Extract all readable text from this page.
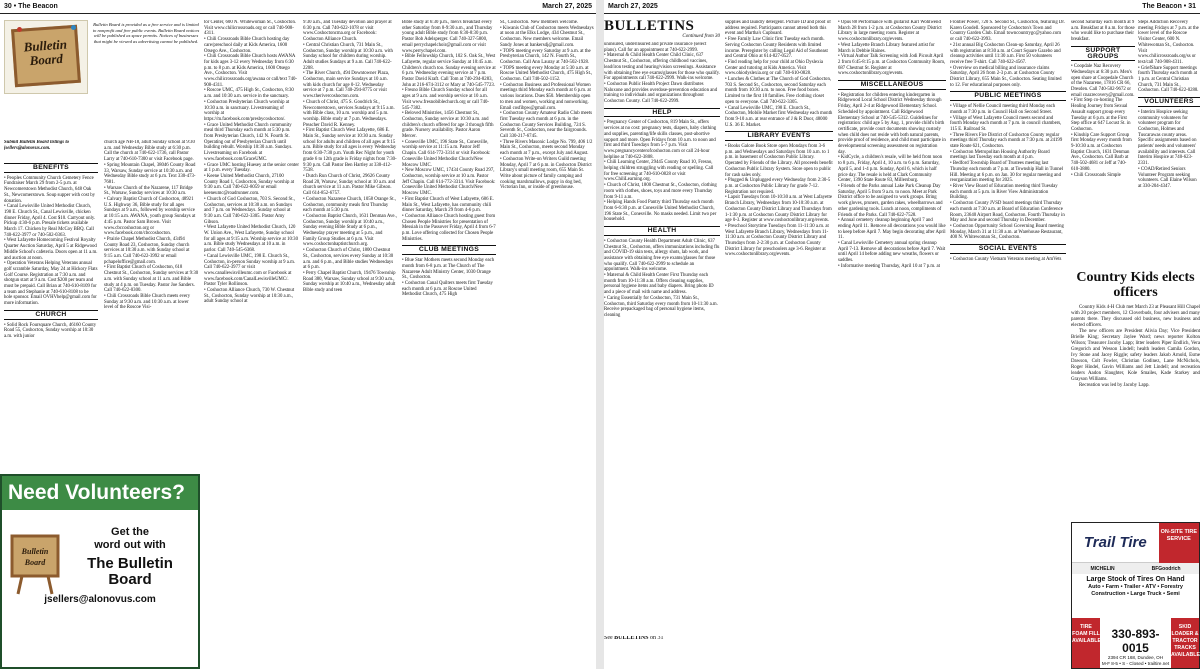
30 • The Beacon	March 27, 2025
Bulletin Board
Bulletin Board is provided as a free service and is limited to nonprofit and free public events. Bulletin Board notices will be published as space permits. Notices of businesses that might be viewed as advertising cannot be published.
Submit Bulletin Board listings to jsellers@alonovus.com.
BENEFITS

• Peoples Community Church Cemetery Fence Fundraiser March 29 from 2-5 p.m. at Newcomerstown Methodist Church, 648 Oak St., Newcomerstown. Soup supper with cost by donation.
• Canal Lewisville United Methodist Church, 198 E. Church St., Canal Lewisville, chicken dinner Friday, April 4. Cost $10. Carryout only. Pickup 4:30-6 p.m. Presale tickets available March 17. Chicken by Real McCoy BBQ. Call 740-622-3977 or 740-502-0363.
• West Lafayette Homecoming Festival Royalty Quarter Auction Saturday, April 5 at Ridgewood Middle School's cafeteria. Doors open at 11 a.m. and auction at noon.
• Operation Veterans Helping Veterans annual golf scramble Saturday, May 24 at Hickory Flats Golf Course. Registration at 7:30 a.m. and shotgun start at 9 a.m. Cost $200 per team and must be prepaid. Call Brian at 740-610-8109 for a team and Stephanie at 740-610-8108 to be hole sponsor. Email OVHVhelp@gmail.com for more information.

CHURCH

• Solid Rock Foursquare Church, 46160 County Road 55, Coshocton, Sunday worship at 10:30 a.m. with junior

church age NB-18, adult Sunday school at 9:30 a.m. and Wednesday Bible study at 6:30 p.m. Call the church at 740-622-1736, call Pastor Larry at 740-610-7300 or visit Facebook page.
• Spring Mountain Chapel, 38046 County Road 33, Warsaw, Sunday service at 10:30 a.m. and Wednesday Bible study at 6 p.m. Text 330-473-7681.
• Warsaw Church of the Nazarene, 117 Bridge St., Warsaw, Sunday services at 10:30 a.m.
• Calvary Baptist Church of Coshocton, 48921 U.S. Highway 36, Bible study for all ages Sundays at 9 a.m., followed by worship service at 10:15 a.m. AWANA, youth group Sundays at 4:45 p.m. Pastor Sam Brown. Visit www.cbccoshocton.org or www.facebook.com/cbccoshocton.
• Prairie Chapel Methodist Church, 43494 County Road 23, Coshocton, Sunday church services at 10:30 a.m. with Sunday school at 9:15 a.m. Call 740-622-3992 or email pchapeloffice@gmail.com.
• First Baptist Church of Coshocton, 618 Chestnut St., Coshocton, Sunday services at 9:30 a.m. with Sunday school at 11 a.m. and Bible study at 4 p.m. on Tuesday. Pastor Joe Sanders. Call 740-622-0300.
• Chili Crossroads Bible Church meets every Sunday at 9:30 a.m. and 10:30 a.m. at lower level of the Roscoe Visi-
tor Center, 600 N. Whitewoman St., Coshocton. Visit www.chilicrossroads.org or call 740-908-4311.
• Chili Crossroads Bible Church hosting day care/preschool daily at Kids America, 1600 Otsego Ave., Coshocton.
• Chili Crossroads Bible Church hosts AWANA for kids ages 3-12 every Wednesday from 6:30 p.m. to 8 p.m. at Kids America, 1600 Otsego Ave., Coshocton. Visit www.chilicrossroads.org/awana or call/text 740-908-4311.
• Roscoe UMC, 475 High St., Coshocton, 8:30 a.m. and 10:30 a.m. service in the sanctuary.
• Coshocton Presbyterian Church worship at 10:30 a.m. in sanctuary. Livestreaming of worship at https://m.facebook.com/presbycoshocton/.
• Grace United Methodist Church community meal third Thursday each month at 5:30 p.m. from Presbyterian Church, 142 N. Fourth St. Operating out of Presbyterian Church until building rebuilt. Worship 10:30 a.m. Sundays. Livestreaming on Facebook at www.facebook.com/GraceUMC.
• Grace UMC hosting Huesey at the senior center at 1 p.m. every Tuesday.
• Keene United Methodist Church, 27100 County Road 1, Coshocton, Sunday worship at 9:30 a.m. Call 740-622-8059 or email keeneumc@roadrunner.com.
• Church of God Coshocton, 703 S. Second St., Coshocton, services at 10:30 a.m. on Sundays and 7 p.m. on Wednesdays. Sunday school at 9:30 a.m. Call 740-622-3305. Pastor Amy Gibson.
• West Lafayette United Methodist Church, 120 W. Union Ave., West Lafayette, Sunday school for all ages at 9:15 a.m. Worship service at 10:30 a.m. Bible study Wednesdays at 10 a.m. in parlor. Call 740-545-6368.
• Canal Lewisville UMC, 198 E. Church St., Coshocton, in-person Sunday worship at 9 a.m. Call 740-622-3977 or visit www.canallewisvilleumc.com or Facebook at www.facebook.com/CanalLewisvilleUMC/. Pastor Tyler Rollinson.
• Coshocton Alliance Church, 730 W. Chestnut St., Coshocton, Sunday worship at 10:30 a.m., adult Sunday school at
9:30 a.m., and Tuesday devotion and prayer at 6:30 p.m. Call 740-622-1078 or visit www.Coshoctoncma.org or Facebook: Coshocton Alliance Church.
• Central Christian Church, 731 Main St., Coshocton, Sunday worship at 10:30 a.m. with Sunday school for children during worship. Adult studies Sundays at 9 a.m. Call 740-622-2208.
• The River Church, 494 Downtowner Plaza, Coshocton, main service Sundays at 10 a.m. with kids church for age 0-12. Wednesday service at 7 p.m. Call 740-294-8775 or visit www.therivercoshocton.com.
• Church of Christ, 475 S. Goodrich St., Newcomerstown, services Sundays at 9:15 a.m. with Bible class, 10 a.m. worship and 5 p.m. worship. Bible study at 7 p.m. Wednesdays. Preacher David R. Kenney.
• First Baptist Church West Lafayette, 686 E. Main St., Sunday service at 10:30 a.m. Sunday school for adults and children of all ages at 9:15 a.m. Bible study for all ages is every Wednesday from 6:30-7:30 p.m. Youth Rec Night for youth grade 6 to 12th grade is Friday nights from 7:30-9:30 p.m. Call Pastor Ben Hartley at 330-412-7538.
• Dutch Run Church of Christ, 29626 County Road 20, Warsaw, Sunday school at 10 a.m. and church service at 11 a.m. Pastor Mike Gibson. Call 614-852-6757.
• Coshocton Nazarene Church, 1058 Orange St., Coshocton, community meals first Thursday each month at 5:30 p.m.
• Coshocton Baptist Church, 1631 Denman Ave., Coshocton, Sunday worship at 10:40 a.m., Sunday evening Bible Study at 6 p.m., Wednesday prayer meeting at 5 p.m., and Family Group Studies at 6 p.m. Visit www.coshoctonbaptistchurch.org.
• Coshocton Church of Christ, 1800 Chestnut St., Coshocton, services every Sunday at 10:30 a.m. and 6 p.m., and Bible studies Wednesdays at 6 p.m.
• Perry Chapel Baptist Church, 19476 Township Road 380, Warsaw, Sunday school at 9:30 a.m., Sunday worship at 10:40 a.m., Wednesday adult Bible study and teen

Bible study at 6:30 p.m., men's breakfast every other Saturday from 8-9:30 a.m., and Thursday young adult Bible study from 6:30-8:30 p.m. Pastor Bob Adelsperger. Call 740-327-5800, email perrychapelchoir@gmail.com or visit www.perrychapel.com.
• Bible Fellowship Church, 102 S. Oak St., West Lafayette, regular service Sunday at 10:45 a.m. Children's church too. Sunday evening service at 6 p.m. Wednesday evening service at 7 p.m. Pastor David Kraft. Call Tom at 740-294-8283, John at 216-674-3112 or Mary at 740-545-7723.
• Fresno Bible Church Sunday school for all ages at 9 a.m. and worship service at 10 a.m. Visit www.fresnobiblechurch.org or call 740-545-7382.
• Beloved Ministries, 1456 Chestnut St., Coshocton, Sunday service at 10:30 a.m. and children's church offered for age 3 through fifth grade. Nursery availability. Pastor Aaron Mercer.
• Conesville UMC, 196 State St., Conesville, worship service at 11:15 a.m. Pastor Jeff Chapin. Call 614-772-3314 or visit Facebook: Conesville United Methodist Church/New Moscow UMC.
• New Moscow UMC, 17434 County Road 297, Coshocton, worship service at 10 a.m. Pastor Jeff Chapin. Call 614-772-3314. Visit Facebook: Conesville United Methodist Church/New Moscow UMC.
• First Baptist Church of West Lafayette, 686 E. Main St., West Lafayette, has community chili dinner Saturday, March 29 from 4-6 p.m.
• Coshocton Alliance Church hosting guest from Chosen People Ministries for presentation of Messiah in the Passover Friday, April 4 from 6-7 p.m. Love offering collected for Chosen People Ministries.

CLUB MEETINGS

• Blue Star Mothers meets second Monday each month from 6-8 p.m. at The Church of The Nazarene Adult Ministry Center, 1030 Orange St., Coshocton.
• Coshocton Canal Quilters meets first Tuesday each month at 6 p.m. at Roscoe United Methodist Church, 475 High

St., Coshocton. New members welcome.
• Kiwanis Club of Coshocton meets Wednesdays at noon at the Elks Lodge, 434 Chestnut St., Coshocton. New members welcome. Email Sandy Jones at bankersdj@gmail.com.
• TOPS meeting every Saturday at 9 a.m. at the Presbyterian Church, 142 N. Fourth St., Coshocton. Call Ann Lauray at 740-502-1928.
• TOPS meeting every Monday at 5:30 a.m. at Roscoe United Methodist Church, 475 High St., Coshocton. Call 740-502-1152.
• Coshocton Business and Professional Women meetings third Monday each month at 6 p.m. at various locations. Dues $50. Membership open to men and women, working and nonworking. Email cosfibpw@gmail.com.
• Coshocton County Amateur Radio Club meets first Tuesday each month at 6 p.m. in the Coshocton County Services Building, 724 S. Seventh St., Coshocton, near the fairgrounds. Call 330-217-6745.
• Three Rivers Masonic Lodge No. 799, 406 1/2 Main St., Coshocton, meets second Monday each month at 7 p.m., except July and August.
• Coshocton Write-on Writers Guild meeting Monday, April 7 at 6 p.m. in Coshocton District Library's small meeting room, 655 Main St. Write about picture of family camping and cooking marshmallows, puppy in dog bed, Victorian Inn, or inside of greenhouse.
Need Volunteers?
Bulletin
Board
Get the
word out with
The Bulletin
Board
jsellers@alonovus.com
March 27, 2025	The Beacon • 31
BULLETINS
Continued from 30

uninsured, underinsured and private insurance (select plans). Call for an appointment at 740-622-2999.
• Maternal & Child Health Center Child Clinic, 637 Chestnut St., Coshocton, offering childhood vaccines, lead/iron testing and hearing/vision screenings. Assistance with obtaining free eye exams/glasses for those who qualify. For appointments call 740-622-2999. Walk-ins welcome.
• Coshocton Public Health Project Dawn distributes Naloxone and provides overdose-prevention education and training to individuals and organizations throughout Coshocton County. Call 740-622-2999.

HELP

• Pregnancy Center of Coshocton, 819 Main St., offers services at no cost: pregnancy tests, diapers, baby clothing and supplies, parenting/life skills classes, post-abortive support and more. Open Fridays from 10 a.m. to noon and first and third Tuesdays from 5-7 p.m. Visit www.pregnancycenterofcoshocton.com or call 24-hour helpline at 740-622-3808.
• Chili Learning Center, 29445 County Road 10, Fresno, helping children struggling with reading or spelling. Call for free screening at 740-610-0828 or visit www.ChiliLearning.org.
• Church of Christ, 1800 Chestnut St., Coshocton, clothing room with clothes, shoes, toys and more every Thursday from 9-11 a.m.
• Helping Hands Food Pantry third Thursday each month from 6-6:30 p.m. at Conesville United Methodist Church, 196 State St., Conesville. No masks needed. Limit two per household.

HEALTH

• Coshocton County Health Department Adult Clinic, 637 Chestnut St., Coshocton, offers immunizations including flu and COVID-19 skin tests, allergy shots, lab work, and assistance with obtaining free eye exams/glasses for those who qualify. Call 740-622-2999 to schedule an appointment. Walk-ins welcome.
• Maternal & Child Health Center First Thursday each month from 10-11:30 a.m. Offers cleaning supplies, personal hygiene items and baby diapers. Bring photo ID and a piece of mail with name and address.
• Caring Essentially for Coshocton, 731 Main St., Coshocton, third Saturday every month from 10-11:30 a.m. Receive prepackaged bag of personal hygiene items, cleaning

supplies and laundry detergent. Picture ID and proof of address required. Participants cannot attend both this event and Martha's Cupboard.
• Free Family Law Clinic first Tuesday each month. Serving Coshocton County Residents with limited income. Preregister by calling Legal Aid of Southeast and Central Ohio at 614-827-0527.
• Find reading help for your child at Ohio Dyslexia Center and tutoring at Kids America. Visit www.ohiodyslexia.org or call 740-610-0828.
• Lunches & Clothes at The Church of God Coshocton, 703 S. Second St., Coshocton, second Saturday each month from 10:30 a.m. to noon. Free food boxes. Limited to the first 10 families. Free clothing closet open to everyone. Call 740-622-3305.
• Canal Lewisville UMC, 198 E. Church St., Coshocton, Mobile Market first Wednesday each month from 9-10 a.m. at rear entrance of J & R Door, 48000 U.S. 36 E. Market.

LIBRARY EVENTS

• Books Galore Book Store open Mondays from 3-6 p.m. and Wednesdays and Saturdays from 10 a.m. to 1 p.m. in basement of Coshocton Public Library. Operated by Friends of the Library. All proceeds benefit Coshocton Public Library System. Store open to public for cash sales only.
• Plugged & Unplugged every Wednesday from 2:30-5 p.m. at Coshocton Public Library for grade 7-12. Registration not required.
• Lapsit Tuesdays from 10-10:30 a.m. at West Lafayette Branch Library, Wednesdays from 10-10:30 a.m. at Coshocton County District Library and Thursdays from 1-1:30 p.m. at Coshocton County District Library for age 0-3. Register at www.coshoctonlibrary.org/events.
• Preschool Storytime Tuesdays from 11-11:30 a.m. at West Lafayette Branch Library, Wednesdays from 11-11:30 a.m. at Coshocton County District Library and Thursdays from 2-2:30 p.m. at Coshocton County District Library for preschoolers age 3-6. Register at www.coshoctonlibrary.org/events.

• Opus 88 Performance with guitarist Karl Wohlwend March 28 from 1-2 p.m. at Coshocton County District Library in large meeting room. Register at www.coshoctonlibrary.org/events.
• West Lafayette Branch Library featured artist for March is Debbie Haines.
• Virtual Author Talk Screening with Jodi Picoult April 2 from 6:45-8:15 p.m. at Coshocton Community Room, 687 Chestnut St. Register at www.coshoctonlibrary.org/events.

MISCELLANEOUS

• Registration for children entering kindergarten in Ridgewood Local School District Wednesday through Friday, April 2-4 at Ridgewood Elementary School. Scheduled by appointment. Call Ridgewood Elementary School at 740-545-5312. Guidelines for registration: child age 5 by Aug. 1, provide child's birth certificate, provide court documents showing custody when child does not reside with both natural parents, provide proof of residence, and child must participate in developmental screening assessment on registration day.
• KidCycle, a children's resale, will be held from noon to 8 p.m., Friday, April 4, 10 a.m. to 6 p.m. Saturday, April 5, and 1-4 p.m. Sunday, April 6, which is half price day. The resale is held at Clark Community Center, 1390 State Route 83, Millersburg.
• Friends of the Parks annual Lake Park Cleanup Day Saturday, April 5 from 9 a.m. to noon. Meet at Park District office to be assigned to work groups. Bring work gloves, pruners, garden rakes, wheelbarrows and other gardening tools. Lunch at noon, compliments of Friends of the Parks. Call 740-622-7528.
• Annual cemetery cleanup beginning April 7 and ending April 11. Remove all decorations you would like to keep before April 7. May begin decorating after April 11.
• Canal Lewisville Cemetery annual spring cleanup April 7-13. Remove all decorations before April 7. Wait until April 14 before adding new wreaths, flowers or saddles.
• Informative meeting Thursday, April 10 at 7 p.m. at

Frontier Power, 720 S. Second St., Coshocton, featuring Dr. Karen Goodell. Sponsored by Coshocton's Town and Country Garden Club. Email towncountrygc@yahoo.com or call 740-622-3993.
• 21st annual Big Coshocton Clean-up Saturday, April 26 with registration at 8:30 a.m. at Court Square Gazebo and cleanup activities until 11:30 a.m. First 50 volunteers receive free T-shirt. Call 740-622-4567.
• Overview on medical billing and insurance claims Saturday, April 26 from 2-3 p.m. at Coshocton County District Library, 655 Main St., Coshocton. Seating limited to 12. For educational purposes only.

PUBLIC MEETINGS

• Village of Nellie Council meeting third Monday each month at 7:30 p.m. in Council Hall on Second Street.
• Village of West Lafayette Council meets second and fourth Monday each month at 7 p.m. in council chambers, 115 E. Railroad St.
• Three Rivers Fire District of Coshocton County regular meetings third Thursday each month at 7:30 p.m. at 24199 state Route 621, Coshocton.
• Coshocton Metropolitan Housing Authority Board meetings last Tuesday each month at 4 p.m.
• Bedford Township Board of Trustees meeting last Thursday each month at 7 p.m. at Township Hall in Tunnel Hill. Meeting at 6 p.m. on Jan. 30 for regular meeting and reorganization meeting for 2025.
• River View Board of Education meeting third Tuesday each month at 5 p.m. in River View Administration Building.
• Coshocton County JVSD board meetings third Thursday each month at 7:30 a.m. at Board of Education Conference Room, 23640 Airport Road, Coshocton. Fourth Thursday in May and June and second Thursday in December.
• Coshocton Opportunity School Governing Board meeting Monday, March 31 at 11:30 a.m. at Warehouse Restaurant, 400 N. Whitewoman St., Coshocton.

SOCIAL EVENTS

• Coshocton County Vietnam Veterans meeting at AmVets

second Saturday each month at 9 a.m. Breakfast at 8 a.m. for those who would like to purchase their breakfast.

SUPPORT GROUPS

• Coopdale Naz Recovery Wednesdays at 6:30 p.m. Men's open share at Coopedale Church of the Nazarene, 17816 CR 66, Dresden. Call 740-502-9672 or email cnazrecovery@gmail.com.
• First Step co-hosting The Healing Journey from Sexual Assault support group every Tuesday at 6 p.m. at the First Step office at 647 Locust St. in Coshocton.
• Kinship Care Support Group first Monday every month from 9-10:30 a.m. at Coshocton Baptist Church, 1631 Denman Ave., Coshocton. Call Barb at 740-502-4681 or Jeff at 740-610-3880.
• Chili Crossroads Simple

Steps Addiction Recovery meeting Fridays at 7 p.m. at the lower level of the Roscoe Visitor Center, 600 N. Whitewoman St., Coshocton. Visit www.chilicrossroads.org/ss or text/call 740-908-4311.
• GriefShare Support meetings fourth Thursday each month at 1 p.m. at Central Christian Church, 731 Main St., Coshocton. Call 740-622-0288.

VOLUNTEERS

• Interim Hospice seeking community volunteers for volunteer program for Coshocton, Holmes and Tuscarawas county areas. Specific assignments based on patients' needs and volunteers' availability and interests. Call Interim Hospice at 740-623-2331.
• COAD/Retired Seniors Volunteer Program seeking volunteers. Call Elaine Wilson at 330-204-4347.

Country Kids elects officers

Country Kids 4-H Club met March 23 at Pleasant Hill Chapel with 20 project members, 12 Cloverbuds, four advisers and many parents there. They discussed old business, new business and elected officers.

The new officers are President Alivia Day; Vice President Brielle King; Secretary Jaylee Ward; news reporter Kolton Wilson; Treasurer Jacoby Lapp; litter leaders Piper Endlich, Vera Gregorich and Wesson Lindell; health leaders Camila Gordon, Ivy Stone and Jacey Riggle; safety leaders Jakob Arnold, Esme Dawson, Colt Fowler, Christian Godinez, Lane McNichols, Roger Hindel, Gavin Williams and Jett Lindell; and recreation leaders Aadon Slaughter, Kole Smailes, Kade Starkey and Grayson Williams.

Recreation was led by Jacoby Lapp.

See BULLETINS on 31
Trail Tire
ON-SITE TIRE SERVICE
MICHELIN	BFGoodrich
Large Stock of Tires On Hand
Auto • Farm • Trailer • ATV • Forestry
Construction • Large Truck • Semi
TIRE FOAM FILL AVAILABLE 330-893-0015
2394 CR 168, Dundee, OH
M-F 8-5 • S - Closed • trailtire.net
SKID LOADER & TRACTOR TRACKS AVAILABLE
